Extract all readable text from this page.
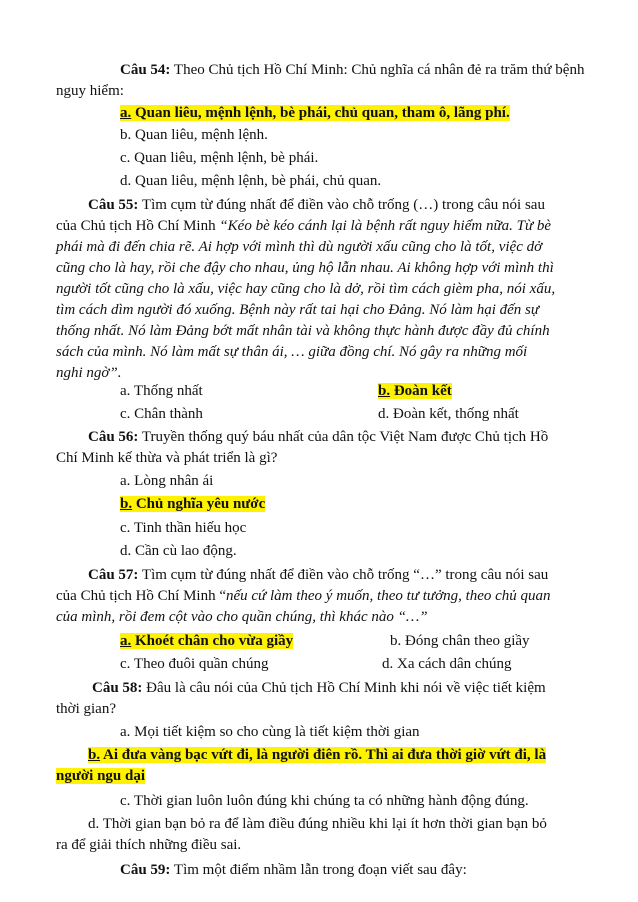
Câu 54: Theo Chủ tịch Hồ Chí Minh: Chủ nghĩa cá nhân đẻ ra trăm thứ bệnh
nguy hiểm:
a. Quan liêu, mệnh lệnh, bè phái, chủ quan, tham ô, lãng phí.
b. Quan liêu, mệnh lệnh.
c. Quan liêu, mệnh lệnh, bè phái.
d. Quan liêu, mệnh lệnh, bè phái, chủ quan.
Câu 55: Tìm cụm từ đúng nhất để điền vào chỗ trống (…) trong câu nói sau
của Chủ tịch Hồ Chí Minh “Kéo bè kéo cánh lại là bệnh rất nguy hiểm nữa. Từ bè
phái mà đi đến chia rẽ. Ai hợp với mình thì dù người xấu cũng cho là tốt, việc dở
cũng cho là hay, rồi che đậy cho nhau, ủng hộ lẫn nhau. Ai không hợp với mình thì
người tốt cũng cho là xấu, việc hay cũng cho là dở, rồi tìm cách gièm pha, nói xấu,
tìm cách dìm người đó xuống. Bệnh này rất tai hại cho Đảng. Nó làm hại đến sự
thống nhất. Nó làm Đảng bớt mất nhân tài và không thực hành được đầy đủ chính
sách của mình. Nó làm mất sự thân ái, … giữa đồng chí. Nó gây ra những mối
nghi ngờ”.
a. Thống nhất	b. Đoàn kết
c. Chân thành	d. Đoàn kết, thống nhất
Câu 56: Truyền thống quý báu nhất của dân tộc Việt Nam được Chủ tịch Hồ
Chí Minh kế thừa và phát triển là gì?
a. Lòng nhân ái
b. Chủ nghĩa yêu nước
c. Tinh thần hiếu học
d. Cần cù lao động.
Câu 57: Tìm cụm từ đúng nhất để điền vào chỗ trống “…” trong câu nói sau
của Chủ tịch Hồ Chí Minh “nếu cứ làm theo ý muốn, theo tư tưởng, theo chủ quan
của mình, rồi đem cột vào cho quần chúng, thì khác nào “…”
a. Khoét chân cho vừa giầy	b. Đóng chân theo giầy
c. Theo đuôi quần chúng	d. Xa cách dân chúng
Câu 58: Đâu là câu nói của Chủ tịch Hồ Chí Minh khi nói về việc tiết kiệm
thời gian?
a. Mọi tiết kiệm so cho cùng là tiết kiệm thời gian
b. Ai đưa vàng bạc vứt đi, là người điên rồ. Thì ai đưa thời giờ vứt đi, là
người ngu dại
c. Thời gian luôn luôn đúng khi chúng ta có những hành động đúng.
d. Thời gian bạn bỏ ra để làm điều đúng nhiều khi lại ít hơn thời gian bạn bỏ
ra để giải thích những điều sai.
Câu 59: Tìm một điểm nhầm lẫn trong đoạn viết sau đây:
